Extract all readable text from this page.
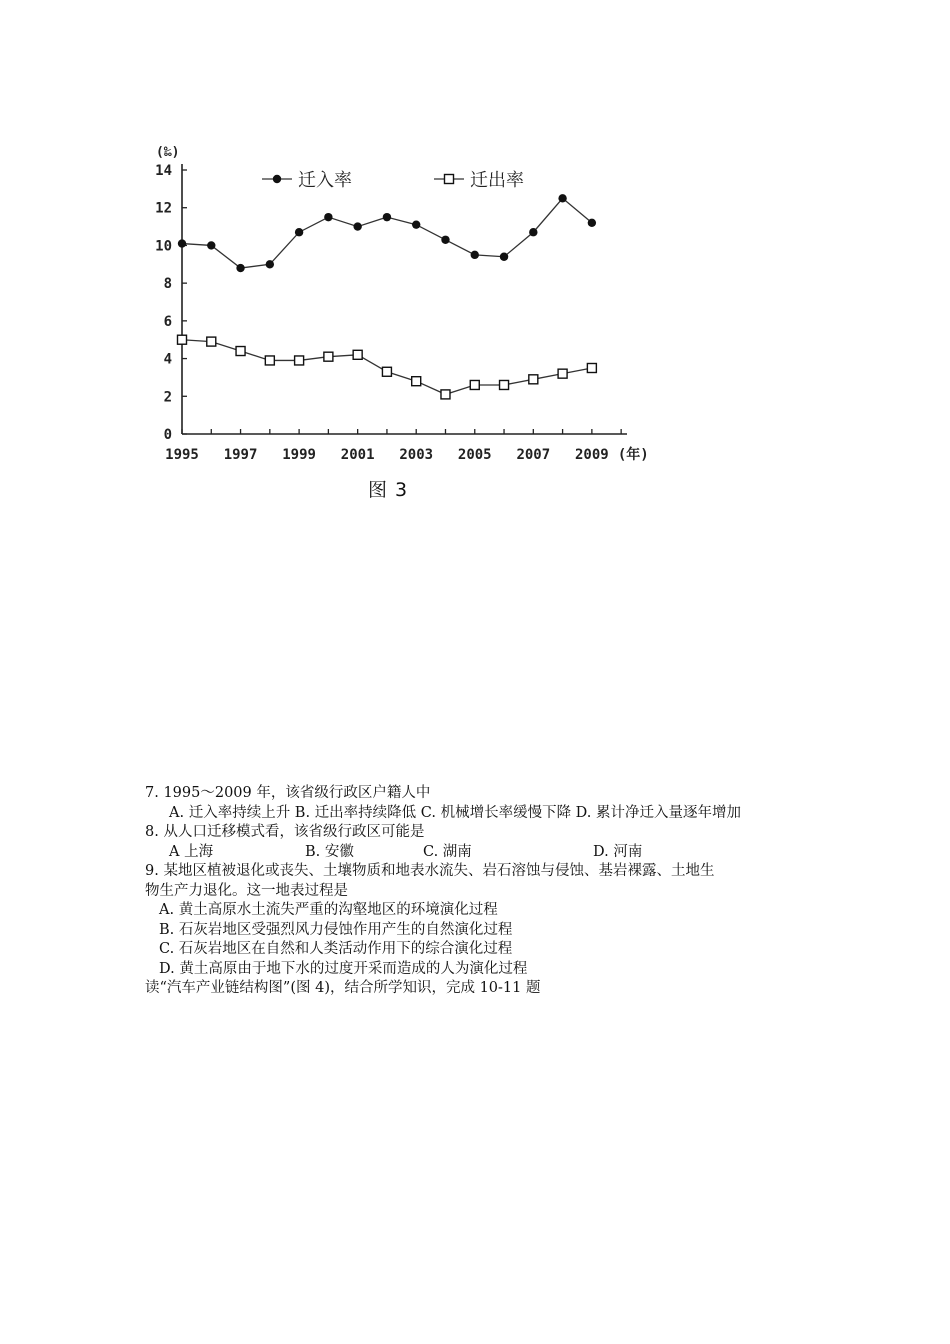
0
2
4
6
8
10
12
14
(‰)
1995 1997 1999 2001 2003 2005 2007 2009 (年)
迁入率	迁出率
图 3
7. 1995～2009 年，该省级行政区户籍人中
A. 迁入率持续上升 B. 迁出率持续降低 C. 机械增长率缓慢下降 D. 累计净迁入量逐年增加
8. 从人口迁移模式看，该省级行政区可能是
A 上海	B. 安徽	C. 湖南	D. 河南
9. 某地区植被退化或丧失、土壤物质和地表水流失、岩石溶蚀与侵蚀、基岩裸露、土地生
物生产力退化。这一地表过程是
A. 黄土高原水土流失严重的沟壑地区的环境演化过程
B. 石灰岩地区受强烈风力侵蚀作用产生的自然演化过程
C. 石灰岩地区在自然和人类活动作用下的综合演化过程
D. 黄土高原由于地下水的过度开采而造成的人为演化过程
读“汽车产业链结构图”(图 4)，结合所学知识，完成 10-11 题
